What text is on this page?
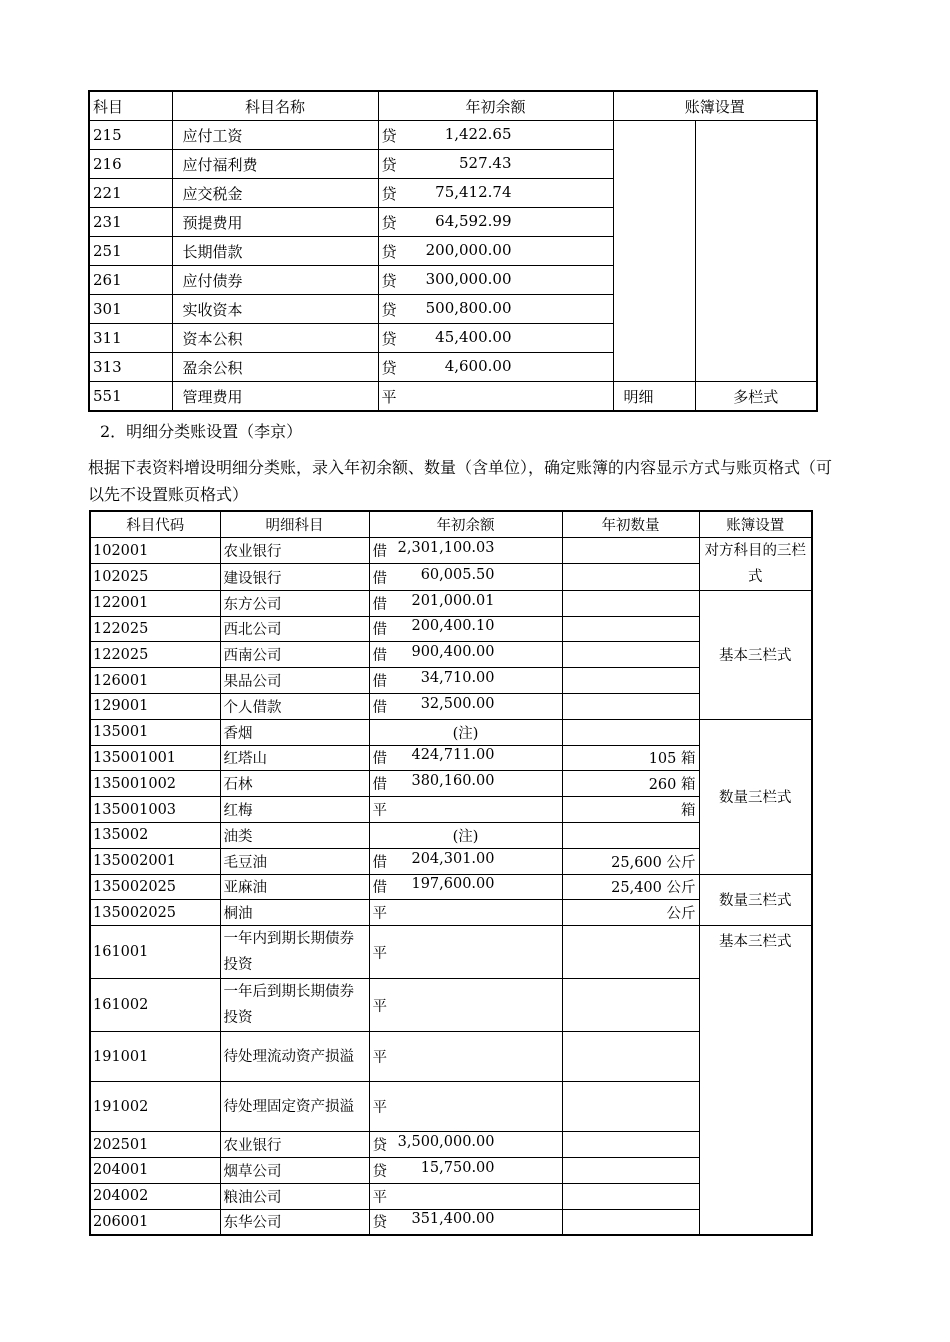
科目	科目名称	年初余额	账簿设置	
215	应付工资	贷 1,422.65		

216	应付福利费	贷 527.43		

221	应交税金	贷 75,412.74		

231	预提费用	贷 64,592.99		

251	长期借款	贷 200,000.00		

261	应付债券	贷 300,000.00		

301	实收资本	贷 500,800.00		

311	资本公积	贷 45,400.00		

313	盈余公积	贷 4,600.00		

551	管理费用	平	明细	多栏式

2．明细分类账设置（李京）

根据下表资料增设明细分类账，录入年初余额、数量（含单位），确定账簿的内容显示方式与账页格式（可以先不设置账页格式）

科目代码	明细科目	年初余额	年初数量	账簿设置
102001	农业银行	借 2,301,100.03		对方科目的三栏式
102025	建设银行	借 60,005.50		

122001	东方公司	借 201,000.01		基本三栏式
122025	西北公司	借 200,400.10		

122025	西南公司	借 900,400.00		

126001	果品公司	借 34,710.00		

129001	个人借款	借 32,500.00		

135001	香烟	(注)		数量三栏式
135001001	红塔山	借 424,711.00	105 箱	
135001002	石林	借 380,160.00	260 箱	
135001003	红梅	平	箱	
135002	油类	(注)		
135002001	毛豆油	借 204,301.00	25,600 公斤	
135002025	亚麻油	借 197,600.00	25,400 公斤	数量三栏式
135002025	桐油	平	公斤	
161001	一年内到期长期债券投资	平		基本三栏式
161002	一年后到期长期债券投资	平		

191001	待处理流动资产损溢	平		

191002	待处理固定资产损溢	平		

202501	农业银行	贷 3,500,000.00		

204001	烟草公司	贷 15,750.00		

204002	粮油公司	平		

206001	东华公司	贷 351,400.00		
